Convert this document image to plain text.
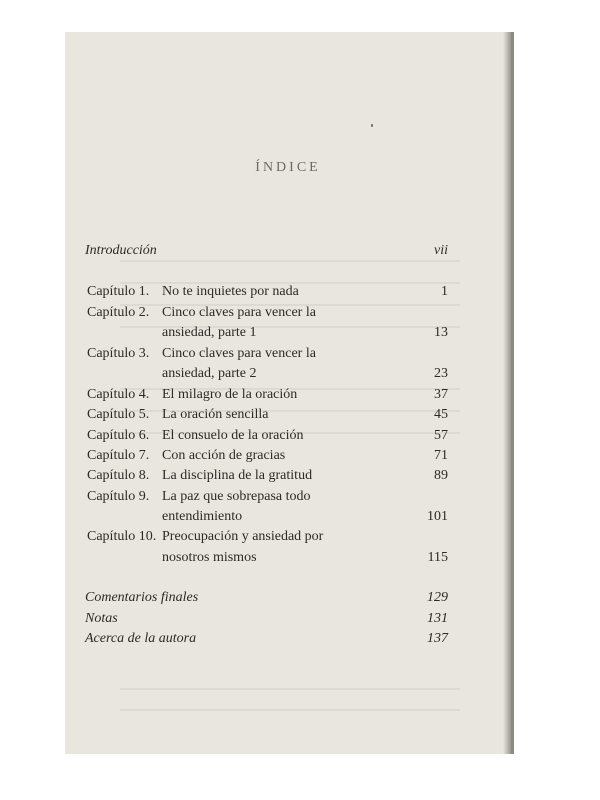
ÍNDICE
Introducción	vii
Capítulo 1. No te inquietes por nada	1
Capítulo 2. Cinco claves para vencer la
ansiedad, parte 1	13
Capítulo 3. Cinco claves para vencer la
ansiedad, parte 2	23
Capítulo 4. El milagro de la oración	37
Capítulo 5. La oración sencilla	45
Capítulo 6. El consuelo de la oración	57
Capítulo 7. Con acción de gracias	71
Capítulo 8. La disciplina de la gratitud	89
Capítulo 9. La paz que sobrepasa todo
entendimiento	101
Capítulo 10. Preocupación y ansiedad por
nosotros mismos	115
Comentarios finales	129
Notas	131
Acerca de la autora	137
